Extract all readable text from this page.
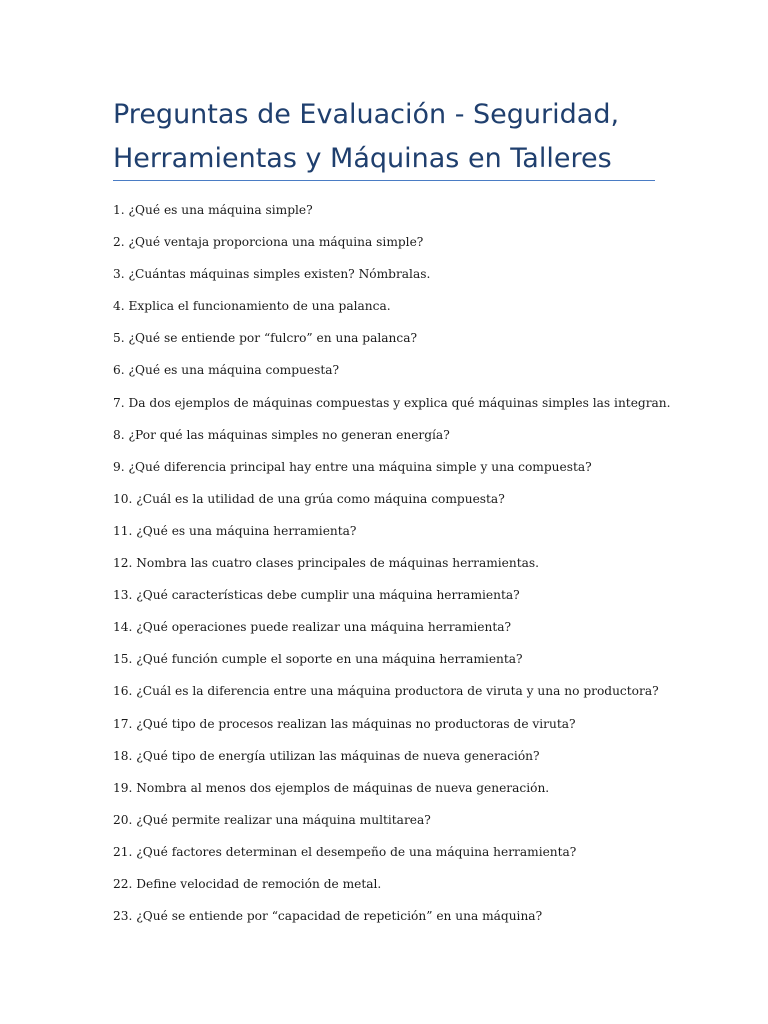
Preguntas de Evaluación - Seguridad, Herramientas y Máquinas en Talleres
1. ¿Qué es una máquina simple?
2. ¿Qué ventaja proporciona una máquina simple?
3. ¿Cuántas máquinas simples existen? Nómbralas.
4. Explica el funcionamiento de una palanca.
5. ¿Qué se entiende por “fulcro” en una palanca?
6. ¿Qué es una máquina compuesta?
7. Da dos ejemplos de máquinas compuestas y explica qué máquinas simples las integran.
8. ¿Por qué las máquinas simples no generan energía?
9. ¿Qué diferencia principal hay entre una máquina simple y una compuesta?
10. ¿Cuál es la utilidad de una grúa como máquina compuesta?
11. ¿Qué es una máquina herramienta?
12. Nombra las cuatro clases principales de máquinas herramientas.
13. ¿Qué características debe cumplir una máquina herramienta?
14. ¿Qué operaciones puede realizar una máquina herramienta?
15. ¿Qué función cumple el soporte en una máquina herramienta?
16. ¿Cuál es la diferencia entre una máquina productora de viruta y una no productora?
17. ¿Qué tipo de procesos realizan las máquinas no productoras de viruta?
18. ¿Qué tipo de energía utilizan las máquinas de nueva generación?
19. Nombra al menos dos ejemplos de máquinas de nueva generación.
20. ¿Qué permite realizar una máquina multitarea?
21. ¿Qué factores determinan el desempeño de una máquina herramienta?
22. Define velocidad de remoción de metal.
23. ¿Qué se entiende por “capacidad de repetición” en una máquina?
